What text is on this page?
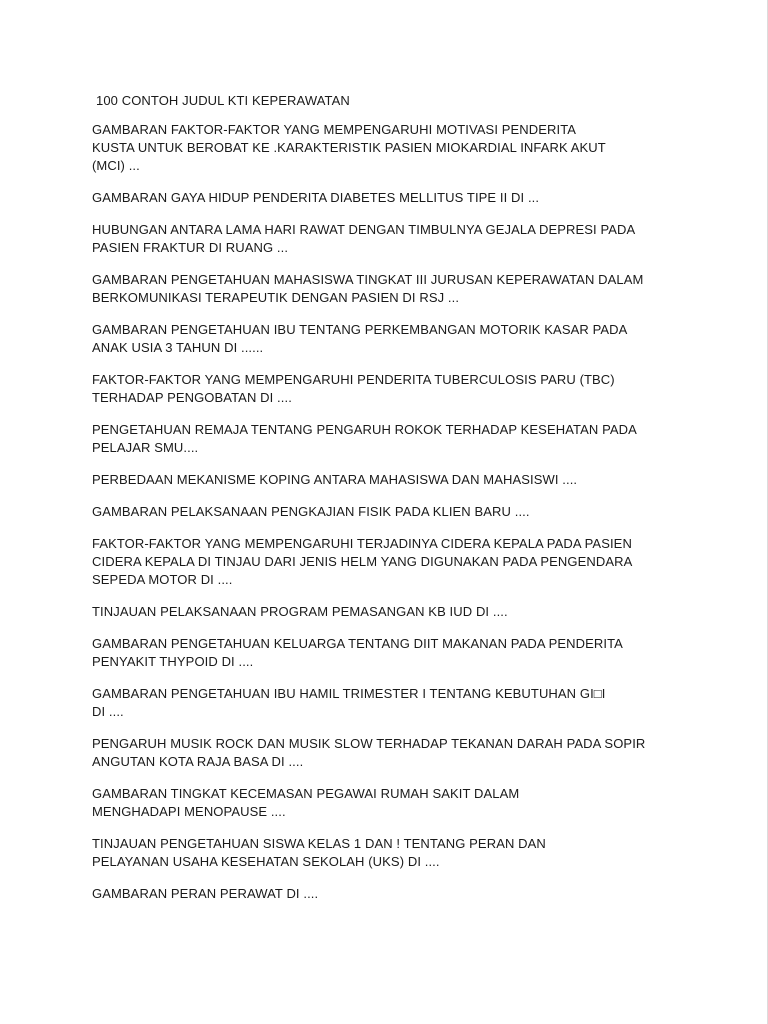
100 CONTOH JUDUL KTI KEPERAWATAN
GAMBARAN FAKTOR-FAKTOR YANG MEMPENGARUHI MOTIVASI PENDERITA
KUSTA UNTUK BEROBAT KE .KARAKTERISTIK PASIEN MIOKARDIAL INFARK AKUT
(MCI) ...
GAMBARAN GAYA HIDUP PENDERITA DIABETES MELLITUS TIPE II DI ...
HUBUNGAN ANTARA LAMA HARI RAWAT DENGAN TIMBULNYA GEJALA DEPRESI PADA
PASIEN FRAKTUR DI RUANG ...
GAMBARAN PENGETAHUAN MAHASISWA TINGKAT III JURUSAN KEPERAWATAN DALAM
BERKOMUNIKASI TERAPEUTIK DENGAN PASIEN DI RSJ ...
GAMBARAN PENGETAHUAN IBU TENTANG PERKEMBANGAN MOTORIK KASAR PADA
ANAK USIA 3 TAHUN DI ......
FAKTOR-FAKTOR YANG MEMPENGARUHI PENDERITA TUBERCULOSIS PARU (TBC)
TERHADAP PENGOBATAN DI ....
PENGETAHUAN REMAJA TENTANG PENGARUH ROKOK TERHADAP KESEHATAN PADA
PELAJAR SMU....
PERBEDAAN MEKANISME KOPING ANTARA MAHASISWA DAN MAHASISWI ....
GAMBARAN PELAKSANAAN PENGKAJIAN FISIK PADA KLIEN BARU ....
FAKTOR-FAKTOR YANG MEMPENGARUHI TERJADINYA CIDERA KEPALA PADA PASIEN
CIDERA KEPALA DI TINJAU DARI JENIS HELM YANG DIGUNAKAN PADA PENGENDARA
SEPEDA MOTOR DI ....
TINJAUAN PELAKSANAAN PROGRAM PEMASANGAN KB IUD DI ....
GAMBARAN PENGETAHUAN KELUARGA TENTANG DIIT MAKANAN PADA PENDERITA
PENYAKIT THYPOID DI ....
GAMBARAN PENGETAHUAN IBU HAMIL TRIMESTER I TENTANG KEBUTUHAN GI□I
DI ....
PENGARUH MUSIK ROCK DAN MUSIK SLOW TERHADAP TEKANAN DARAH PADA SOPIR
ANGUTAN KOTA RAJA BASA DI ....
GAMBARAN TINGKAT KECEMASAN PEGAWAI RUMAH SAKIT DALAM
MENGHADAPI MENOPAUSE ....
TINJAUAN PENGETAHUAN SISWA KELAS 1 DAN ! TENTANG PERAN DAN
PELAYANAN USAHA KESEHATAN SEKOLAH (UKS) DI ....
GAMBARAN PERAN PERAWAT DI ....
